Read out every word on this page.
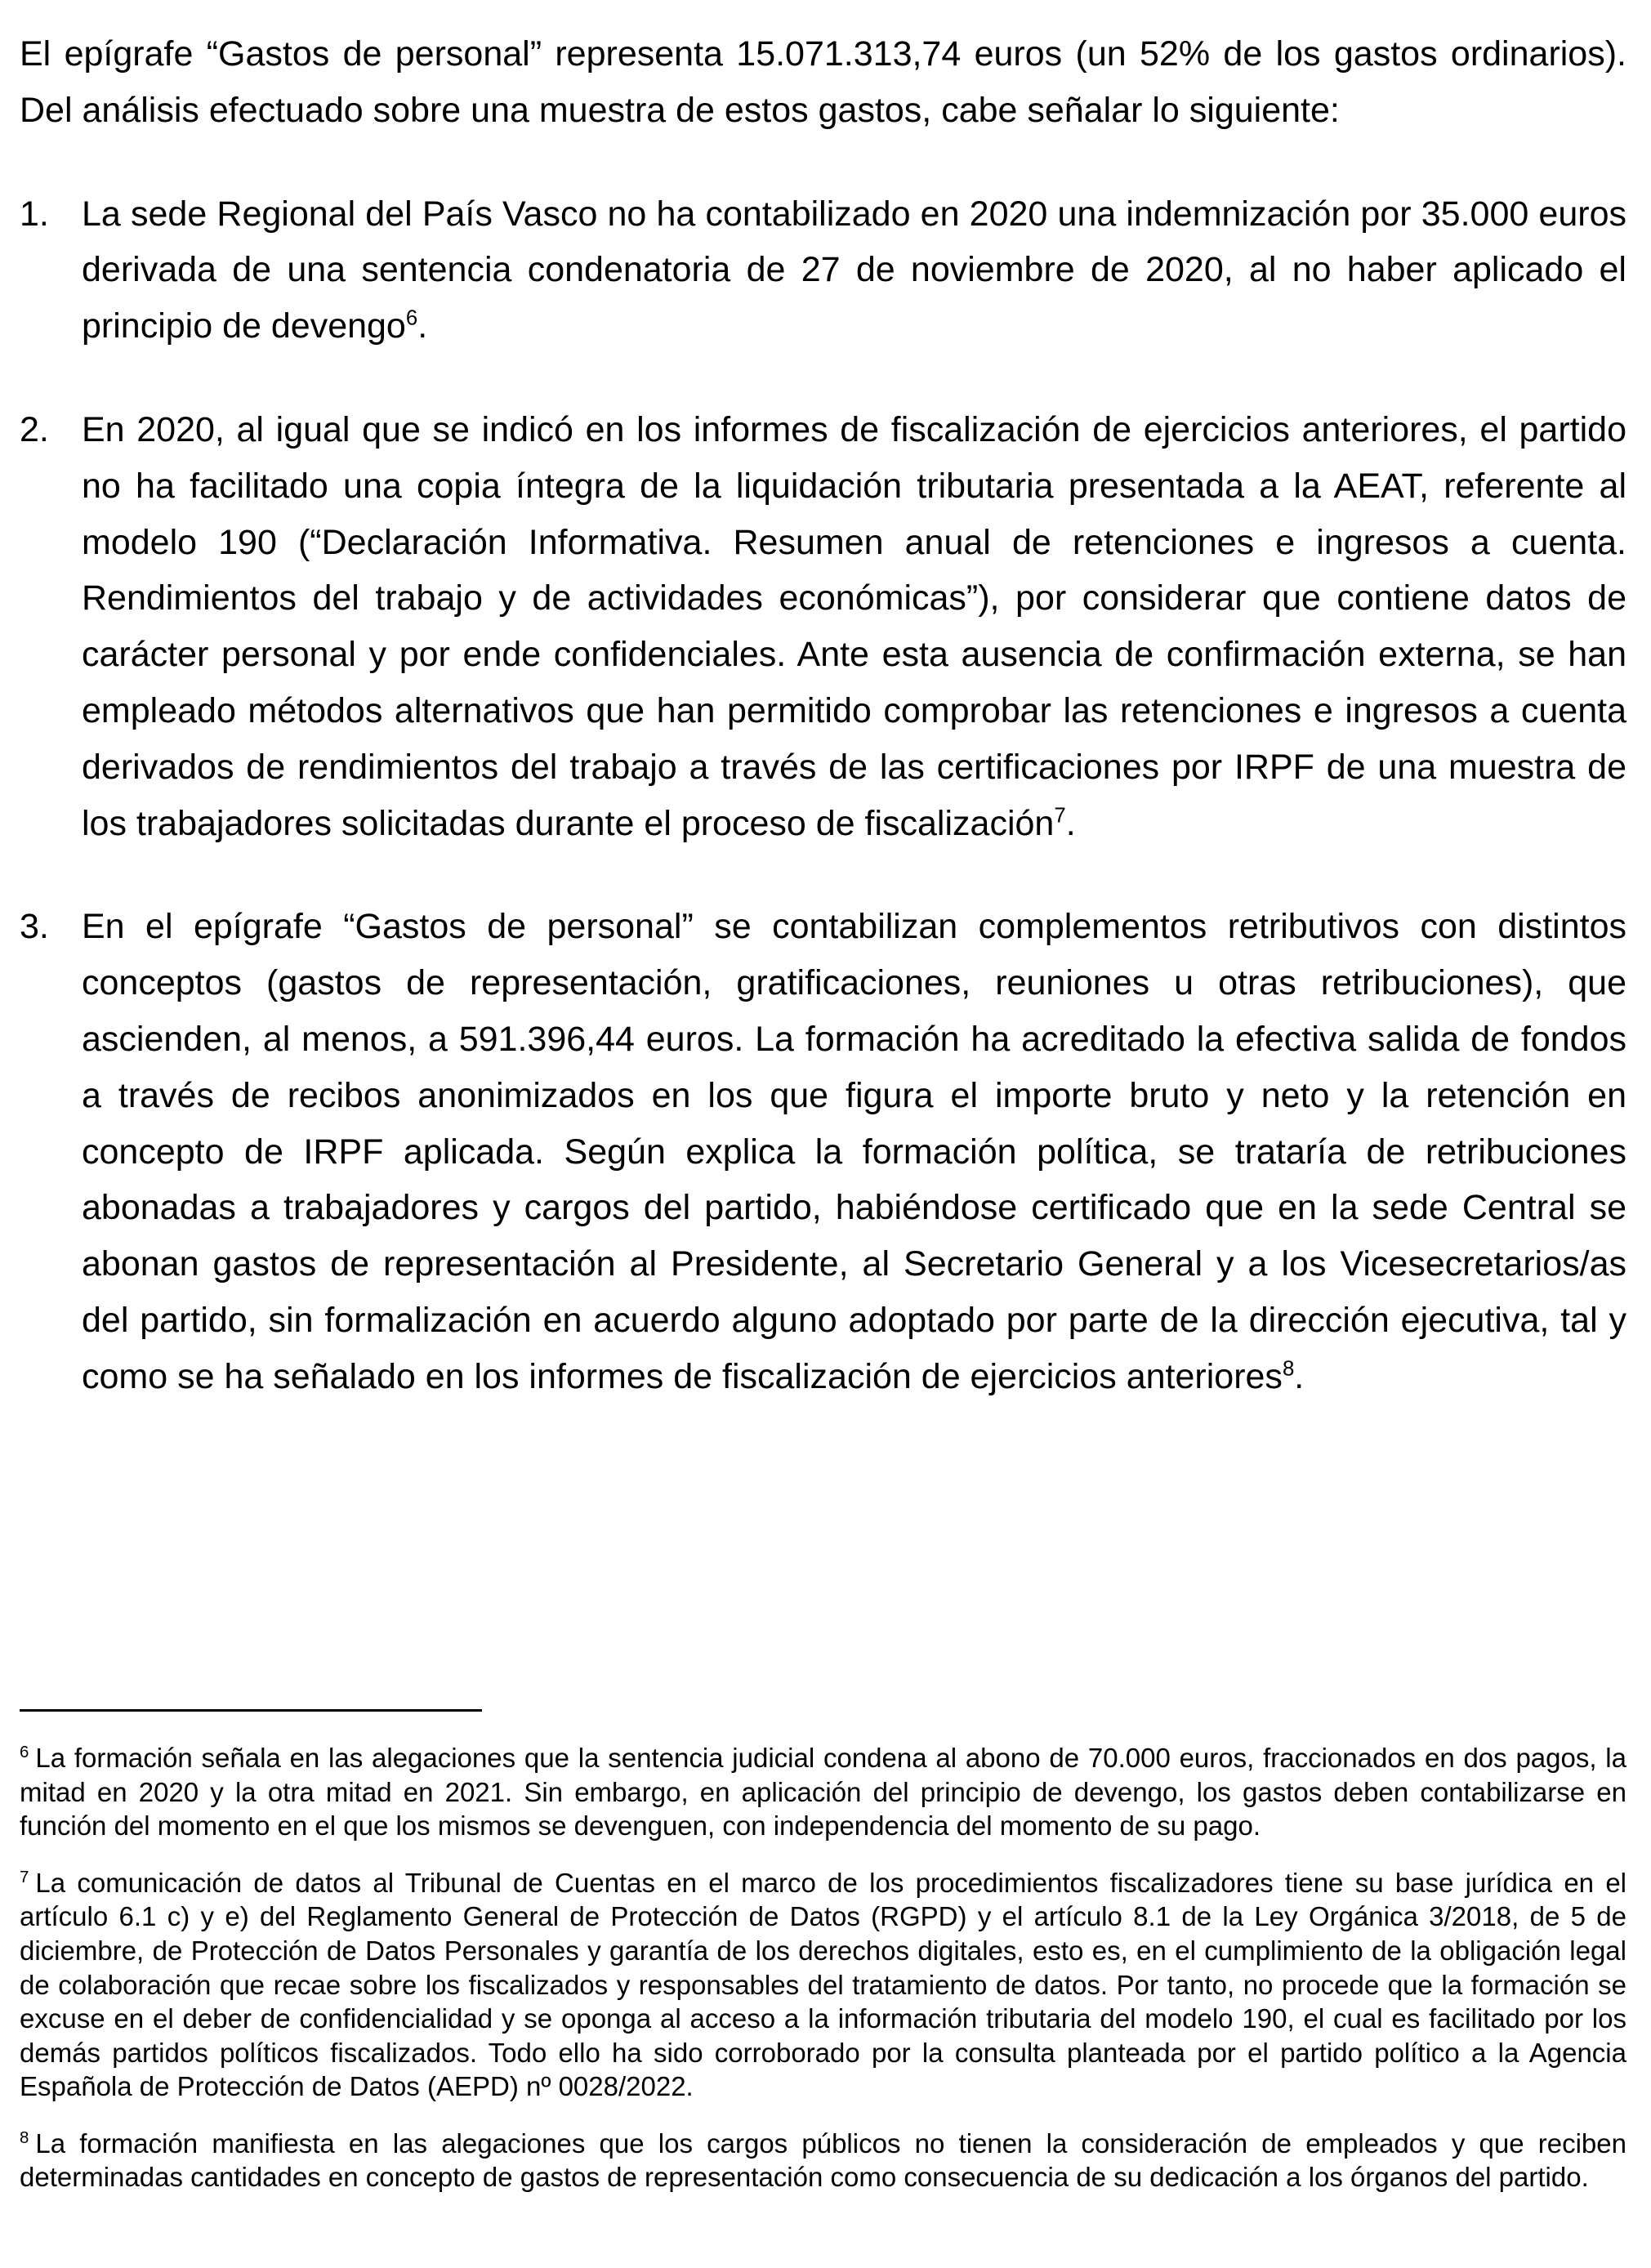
El epígrafe “Gastos de personal” representa 15.071.313,74 euros (un 52% de los gastos ordinarios). Del análisis efectuado sobre una muestra de estos gastos, cabe señalar lo siguiente:

1. La sede Regional del País Vasco no ha contabilizado en 2020 una indemnización por 35.000 euros derivada de una sentencia condenatoria de 27 de noviembre de 2020, al no haber aplicado el principio de devengo$^6$.

2. En 2020, al igual que se indicó en los informes de fiscalización de ejercicios anteriores, el partido no ha facilitado una copia íntegra de la liquidación tributaria presentada a la AEAT, referente al modelo 190 (“Declaración Informativa. Resumen anual de retenciones e ingresos a cuenta. Rendimientos del trabajo y de actividades económicas”), por considerar que contiene datos de carácter personal y por ende confidenciales. Ante esta ausencia de confirmación externa, se han empleado métodos alternativos que han permitido comprobar las retenciones e ingresos a cuenta derivados de rendimientos del trabajo a través de las certificaciones por IRPF de una muestra de los trabajadores solicitadas durante el proceso de fiscalización$^7$.

3. En el epígrafe “Gastos de personal” se contabilizan complementos retributivos con distintos conceptos (gastos de representación, gratificaciones, reuniones u otras retribuciones), que ascienden, al menos, a 591.396,44 euros. La formación ha acreditado la efectiva salida de fondos a través de recibos anonimizados en los que figura el importe bruto y neto y la retención en concepto de IRPF aplicada. Según explica la formación política, se trataría de retribuciones abonadas a trabajadores y cargos del partido, habiéndose certificado que en la sede Central se abonan gastos de representación al Presidente, al Secretario General y a los Vicesecretarios/as del partido, sin formalización en acuerdo alguno adoptado por parte de la dirección ejecutiva, tal y como se ha señalado en los informes de fiscalización de ejercicios anteriores$^8$.

$^6$ La formación señala en las alegaciones que la sentencia judicial condena al abono de 70.000 euros, fraccionados en dos pagos, la mitad en 2020 y la otra mitad en 2021. Sin embargo, en aplicación del principio de devengo, los gastos deben contabilizarse en función del momento en el que los mismos se devenguen, con independencia del momento de su pago.

$^7$ La comunicación de datos al Tribunal de Cuentas en el marco de los procedimientos fiscalizadores tiene su base jurídica en el artículo 6.1 c) y e) del Reglamento General de Protección de Datos (RGPD) y el artículo 8.1 de la Ley Orgánica 3/2018, de 5 de diciembre, de Protección de Datos Personales y garantía de los derechos digitales, esto es, en el cumplimiento de la obligación legal de colaboración que recae sobre los fiscalizados y responsables del tratamiento de datos. Por tanto, no procede que la formación se excuse en el deber de confidencialidad y se oponga al acceso a la información tributaria del modelo 190, el cual es facilitado por los demás partidos políticos fiscalizados. Todo ello ha sido corroborado por la consulta planteada por el partido político a la Agencia Española de Protección de Datos (AEPD) nº 0028/2022.

$^8$ La formación manifiesta en las alegaciones que los cargos públicos no tienen la consideración de empleados y que reciben determinadas cantidades en concepto de gastos de representación como consecuencia de su dedicación a los órganos del partido.
